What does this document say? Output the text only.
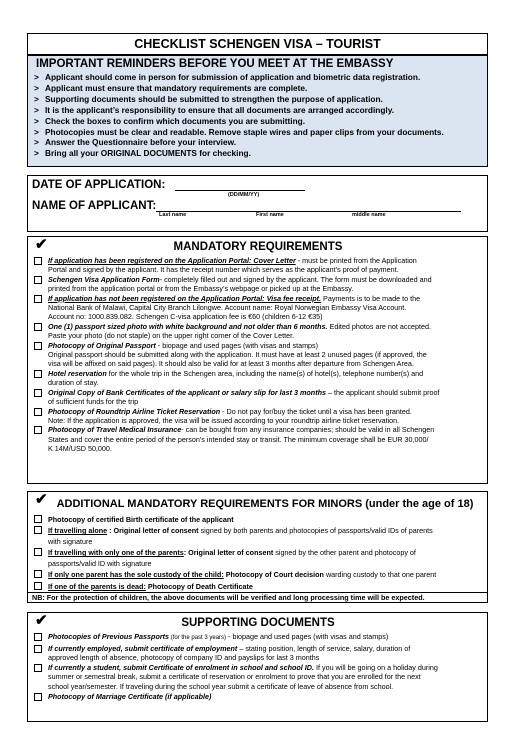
CHECKLIST SCHENGEN VISA – TOURIST
IMPORTANT REMINDERS BEFORE YOU MEET AT THE EMBASSY
> Applicant should come in person for submission of application and biometric data registration.
> Applicant must ensure that mandatory requirements are complete.
> Supporting documents should be submitted to strengthen the purpose of application.
> It is the applicant’s responsibility to ensure that all documents are arranged accordingly.
> Check the boxes to confirm which documents you are submitting.
> Photocopies must be clear and readable. Remove staple wires and paper clips from your documents.
> Answer the Questionnaire before your interview.
> Bring all your ORIGINAL DOCUMENTS for checking.
DATE OF APPLICATION:
(DD/MM/YY)
NAME OF APPLICANT:
Last name	First name	middle name
✔	MANDATORY REQUIREMENTS
If application has been registered on the Application Portal: Cover Letter - must be printed from the Application
Portal and signed by the applicant. It has the receipt number which serves as the applicant’s proof of payment.
Schengen Visa Application Form- completely filled out and signed by the applicant. The form must be downloaded and
printed from the application portal or from the Embassy’s webpage or picked up at the Embassy.
If application has not been registered on the Application Portal: Visa fee receipt. Payments is to be made to the
National Bank of Malawi, Capital City Branch Lilongwe. Account name: Royal Norwegian Embassy Visa Account.
Account no: 1000.839.082. Schengen C-visa application fee is €60 (children 6-12 €35)
One (1) passport sized photo with white background and not older than 6 months. Edited photos are not accepted.
Paste your photo (do not staple) on the upper right corner of the Cover Letter.
Photocopy of Original Passport - biopage and used pages (with visas and stamps)
Original passport should be submitted along with the application. It must have at least 2 unused pages (if approved, the
visa will be affixed on said pages). It should also be valid for at least 3 months after departure from Schengen Area.
Hotel reservation for the whole trip in the Schengen area, including the name(s) of hotel(s), telephone number(s) and
duration of stay.
Original Copy of Bank Certificates of the applicant or salary slip for last 3 months – the applicant should submit proof
of sufficient funds for the trip
Photocopy of Roundtrip Airline Ticket Reservation - Do not pay for/buy the ticket until a visa has been granted.
Note: If the application is approved, the visa will be issued according to your roundtrip airline ticket reservation.
Photocopy of Travel Medical Insurance- can be bought from any insurance companies; should be valid in all Schengen
States and cover the entire period of the person’s intended stay or transit. The minimum coverage shall be EUR 30,000/
K 14M/USD 50,000.
✔ ADDITIONAL MANDATORY REQUIREMENTS FOR MINORS (under the age of 18)
Photocopy of certified Birth certificate of the applicant
If travelling alone : Original letter of consent signed by both parents and photocopies of passports/valid IDs of parents
with signature
If travelling with only one of the parents: Original letter of consent signed by the other parent and photocopy of
passports/valid ID with signature
If only one parent has the sole custody of the child: Photocopy of Court decision warding custody to that one parent
If one of the parents is dead: Photocopy of Death Certificate
NB: For the protection of children, the above documents will be verified and long processing time will be expected.
✔	SUPPORTING DOCUMENTS
Photocopies of Previous Passports (for the past 3 years) - biopage and used pages (with visas and stamps)
If currently employed, submit certificate of employment – stating position, length of service, salary, duration of
approved length of absence, photocopy of company ID and payslips for last 3 months
If currently a student, submit Certificate of enrolment in school and school ID. If you will be going on a holiday during
summer or semestral break, submit a certificate of reservation or enrolment to prove that you are enrolled for the next
school year/semester. If traveling during the school year submit a certificate of leave of absence from school.
Photocopy of Marriage Certificate (if applicable)
